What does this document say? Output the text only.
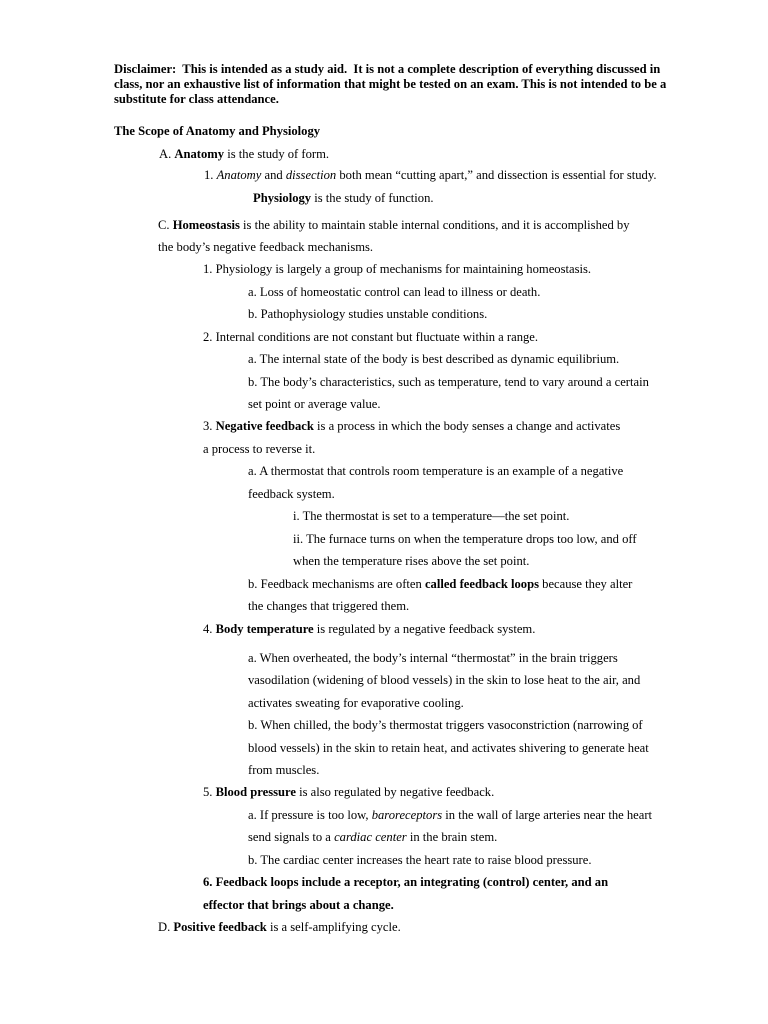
Disclaimer:  This is intended as a study aid.  It is not a complete description of everything discussed in class, nor an exhaustive list of information that might be tested on an exam. This is not intended to be a substitute for class attendance.
The Scope of Anatomy and Physiology
A. Anatomy is the study of form.
1. Anatomy and dissection both mean “cutting apart,” and dissection is essential for study.
Physiology is the study of function.
C. Homeostasis is the ability to maintain stable internal conditions, and it is accomplished by
the body’s negative feedback mechanisms.
1. Physiology is largely a group of mechanisms for maintaining homeostasis.
a. Loss of homeostatic control can lead to illness or death.
b. Pathophysiology studies unstable conditions.
2. Internal conditions are not constant but fluctuate within a range.
a. The internal state of the body is best described as dynamic equilibrium.
b. The body’s characteristics, such as temperature, tend to vary around a certain
set point or average value.
3. Negative feedback is a process in which the body senses a change and activates
a process to reverse it.
a. A thermostat that controls room temperature is an example of a negative
feedback system.
i. The thermostat is set to a temperature—the set point.
ii. The furnace turns on when the temperature drops too low, and off
when the temperature rises above the set point.
b. Feedback mechanisms are often called feedback loops because they alter
the changes that triggered them.
4. Body temperature is regulated by a negative feedback system.
a. When overheated, the body’s internal “thermostat” in the brain triggers
vasodilation (widening of blood vessels) in the skin to lose heat to the air, and
activates sweating for evaporative cooling.
b. When chilled, the body’s thermostat triggers vasoconstriction (narrowing of
blood vessels) in the skin to retain heat, and activates shivering to generate heat
from muscles.
5. Blood pressure is also regulated by negative feedback.
a. If pressure is too low, baroreceptors in the wall of large arteries near the heart
send signals to a cardiac center in the brain stem.
b. The cardiac center increases the heart rate to raise blood pressure.
6. Feedback loops include a receptor, an integrating (control) center, and an
effector that brings about a change.
D. Positive feedback is a self-amplifying cycle.
